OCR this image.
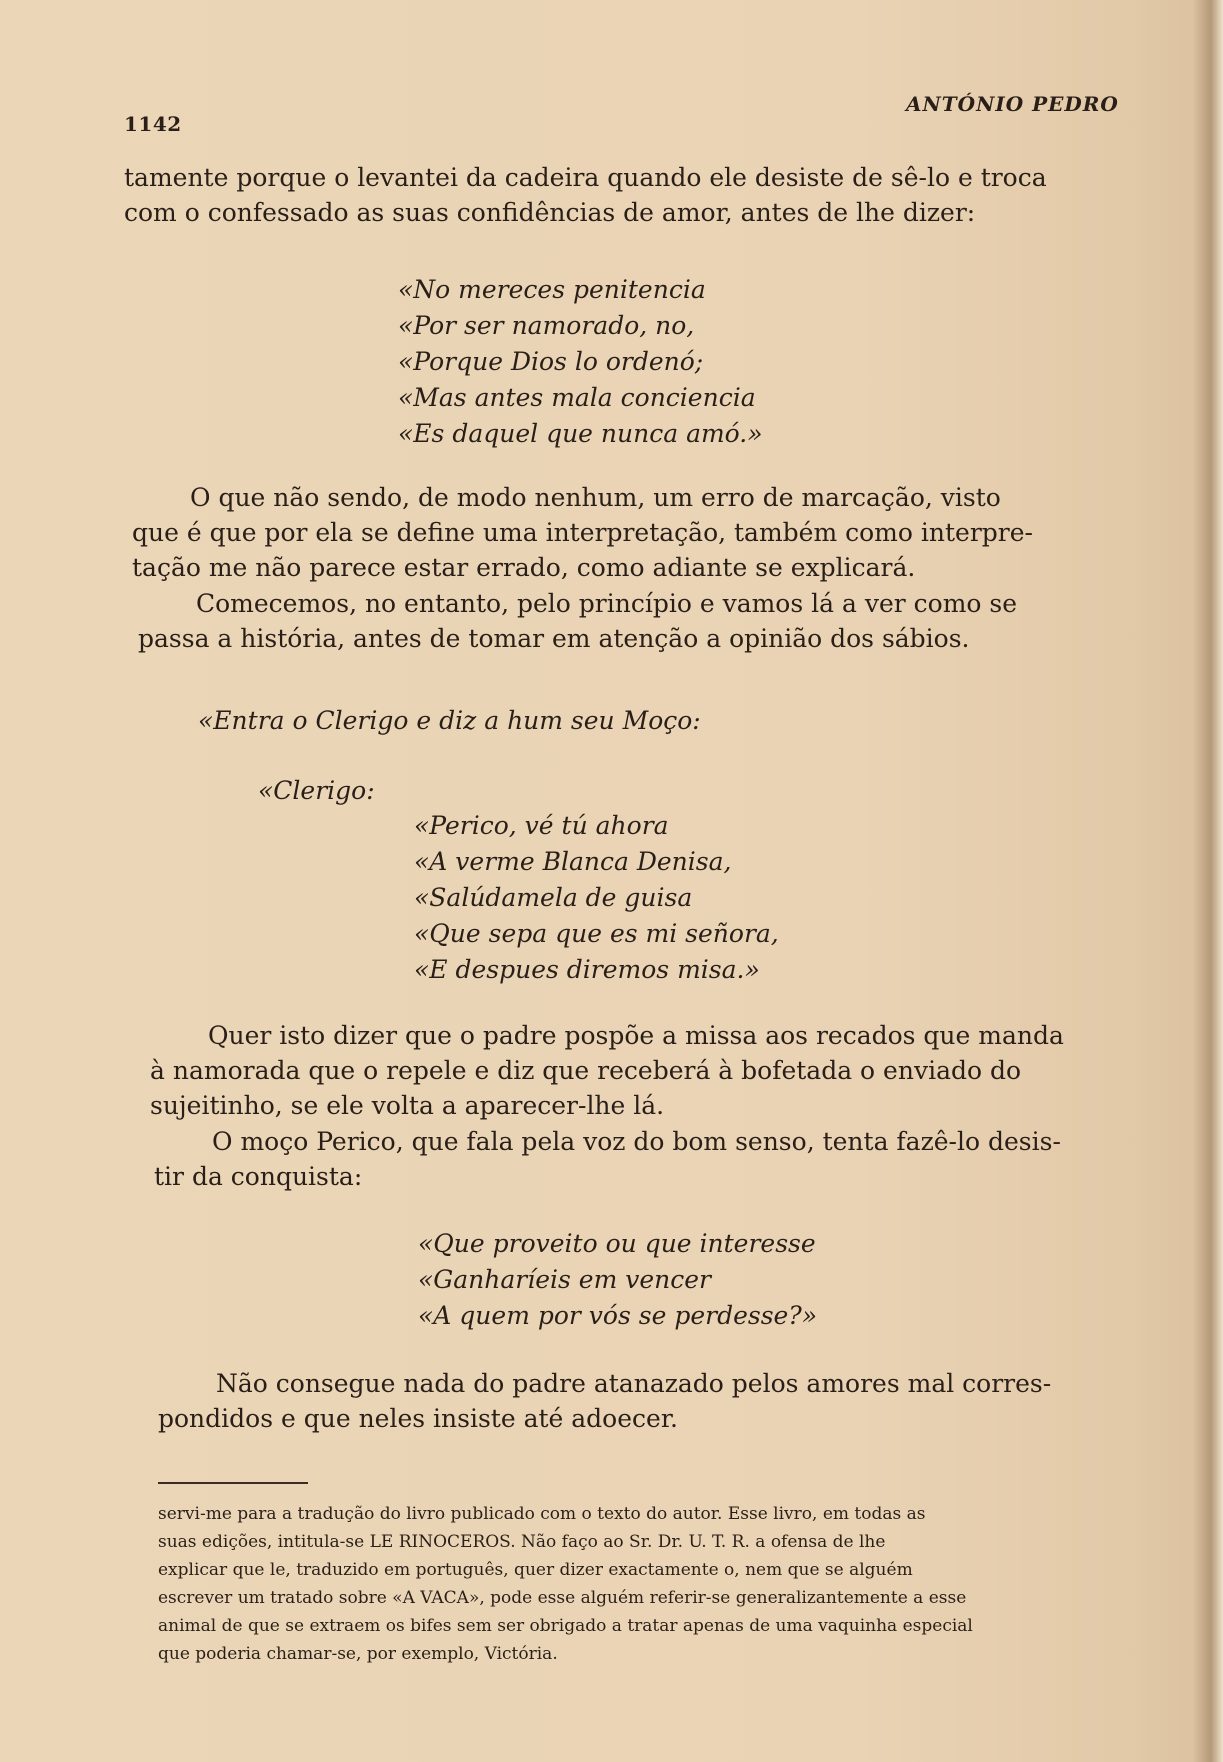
1142
ANTÓNIO PEDRO
tamente porque o levantei da cadeira quando ele desiste de sê-lo e troca
com o confessado as suas confidências de amor, antes de lhe dizer:
«No mereces penitencia
«Por ser namorado, no,
«Porque Dios lo ordenó;
«Mas antes mala conciencia
«Es daquel que nunca amó.»
O que não sendo, de modo nenhum, um erro de marcação, visto
que é que por ela se define uma interpretação, também como interpre-
tação me não parece estar errado, como adiante se explicará.
Comecemos, no entanto, pelo princípio e vamos lá a ver como se
passa a história, antes de tomar em atenção a opinião dos sábios.
«Entra o Clerigo e diz a hum seu Moço:
«Clerigo:
«Perico, vé tú ahora
«A verme Blanca Denisa,
«Salúdamela de guisa
«Que sepa que es mi señora,
«E despues diremos misa.»
Quer isto dizer que o padre pospõe a missa aos recados que manda
à namorada que o repele e diz que receberá à bofetada o enviado do
sujeitinho, se ele volta a aparecer-lhe lá.
O moço Perico, que fala pela voz do bom senso, tenta fazê-lo desis-
tir da conquista:
«Que proveito ou que interesse
«Ganharíeis em vencer
«A quem por vós se perdesse?»
Não consegue nada do padre atanazado pelos amores mal corres-
pondidos e que neles insiste até adoecer.
servi-me para a tradução do livro publicado com o texto do autor. Esse livro, em todas as
suas edições, intitula-se LE RINOCEROS. Não faço ao Sr. Dr. U. T. R. a ofensa de lhe
explicar que le, traduzido em português, quer dizer exactamente o, nem que se alguém
escrever um tratado sobre «A VACA», pode esse alguém referir-se generalizantemente a esse
animal de que se extraem os bifes sem ser obrigado a tratar apenas de uma vaquinha especial
que poderia chamar-se, por exemplo, Victória.
